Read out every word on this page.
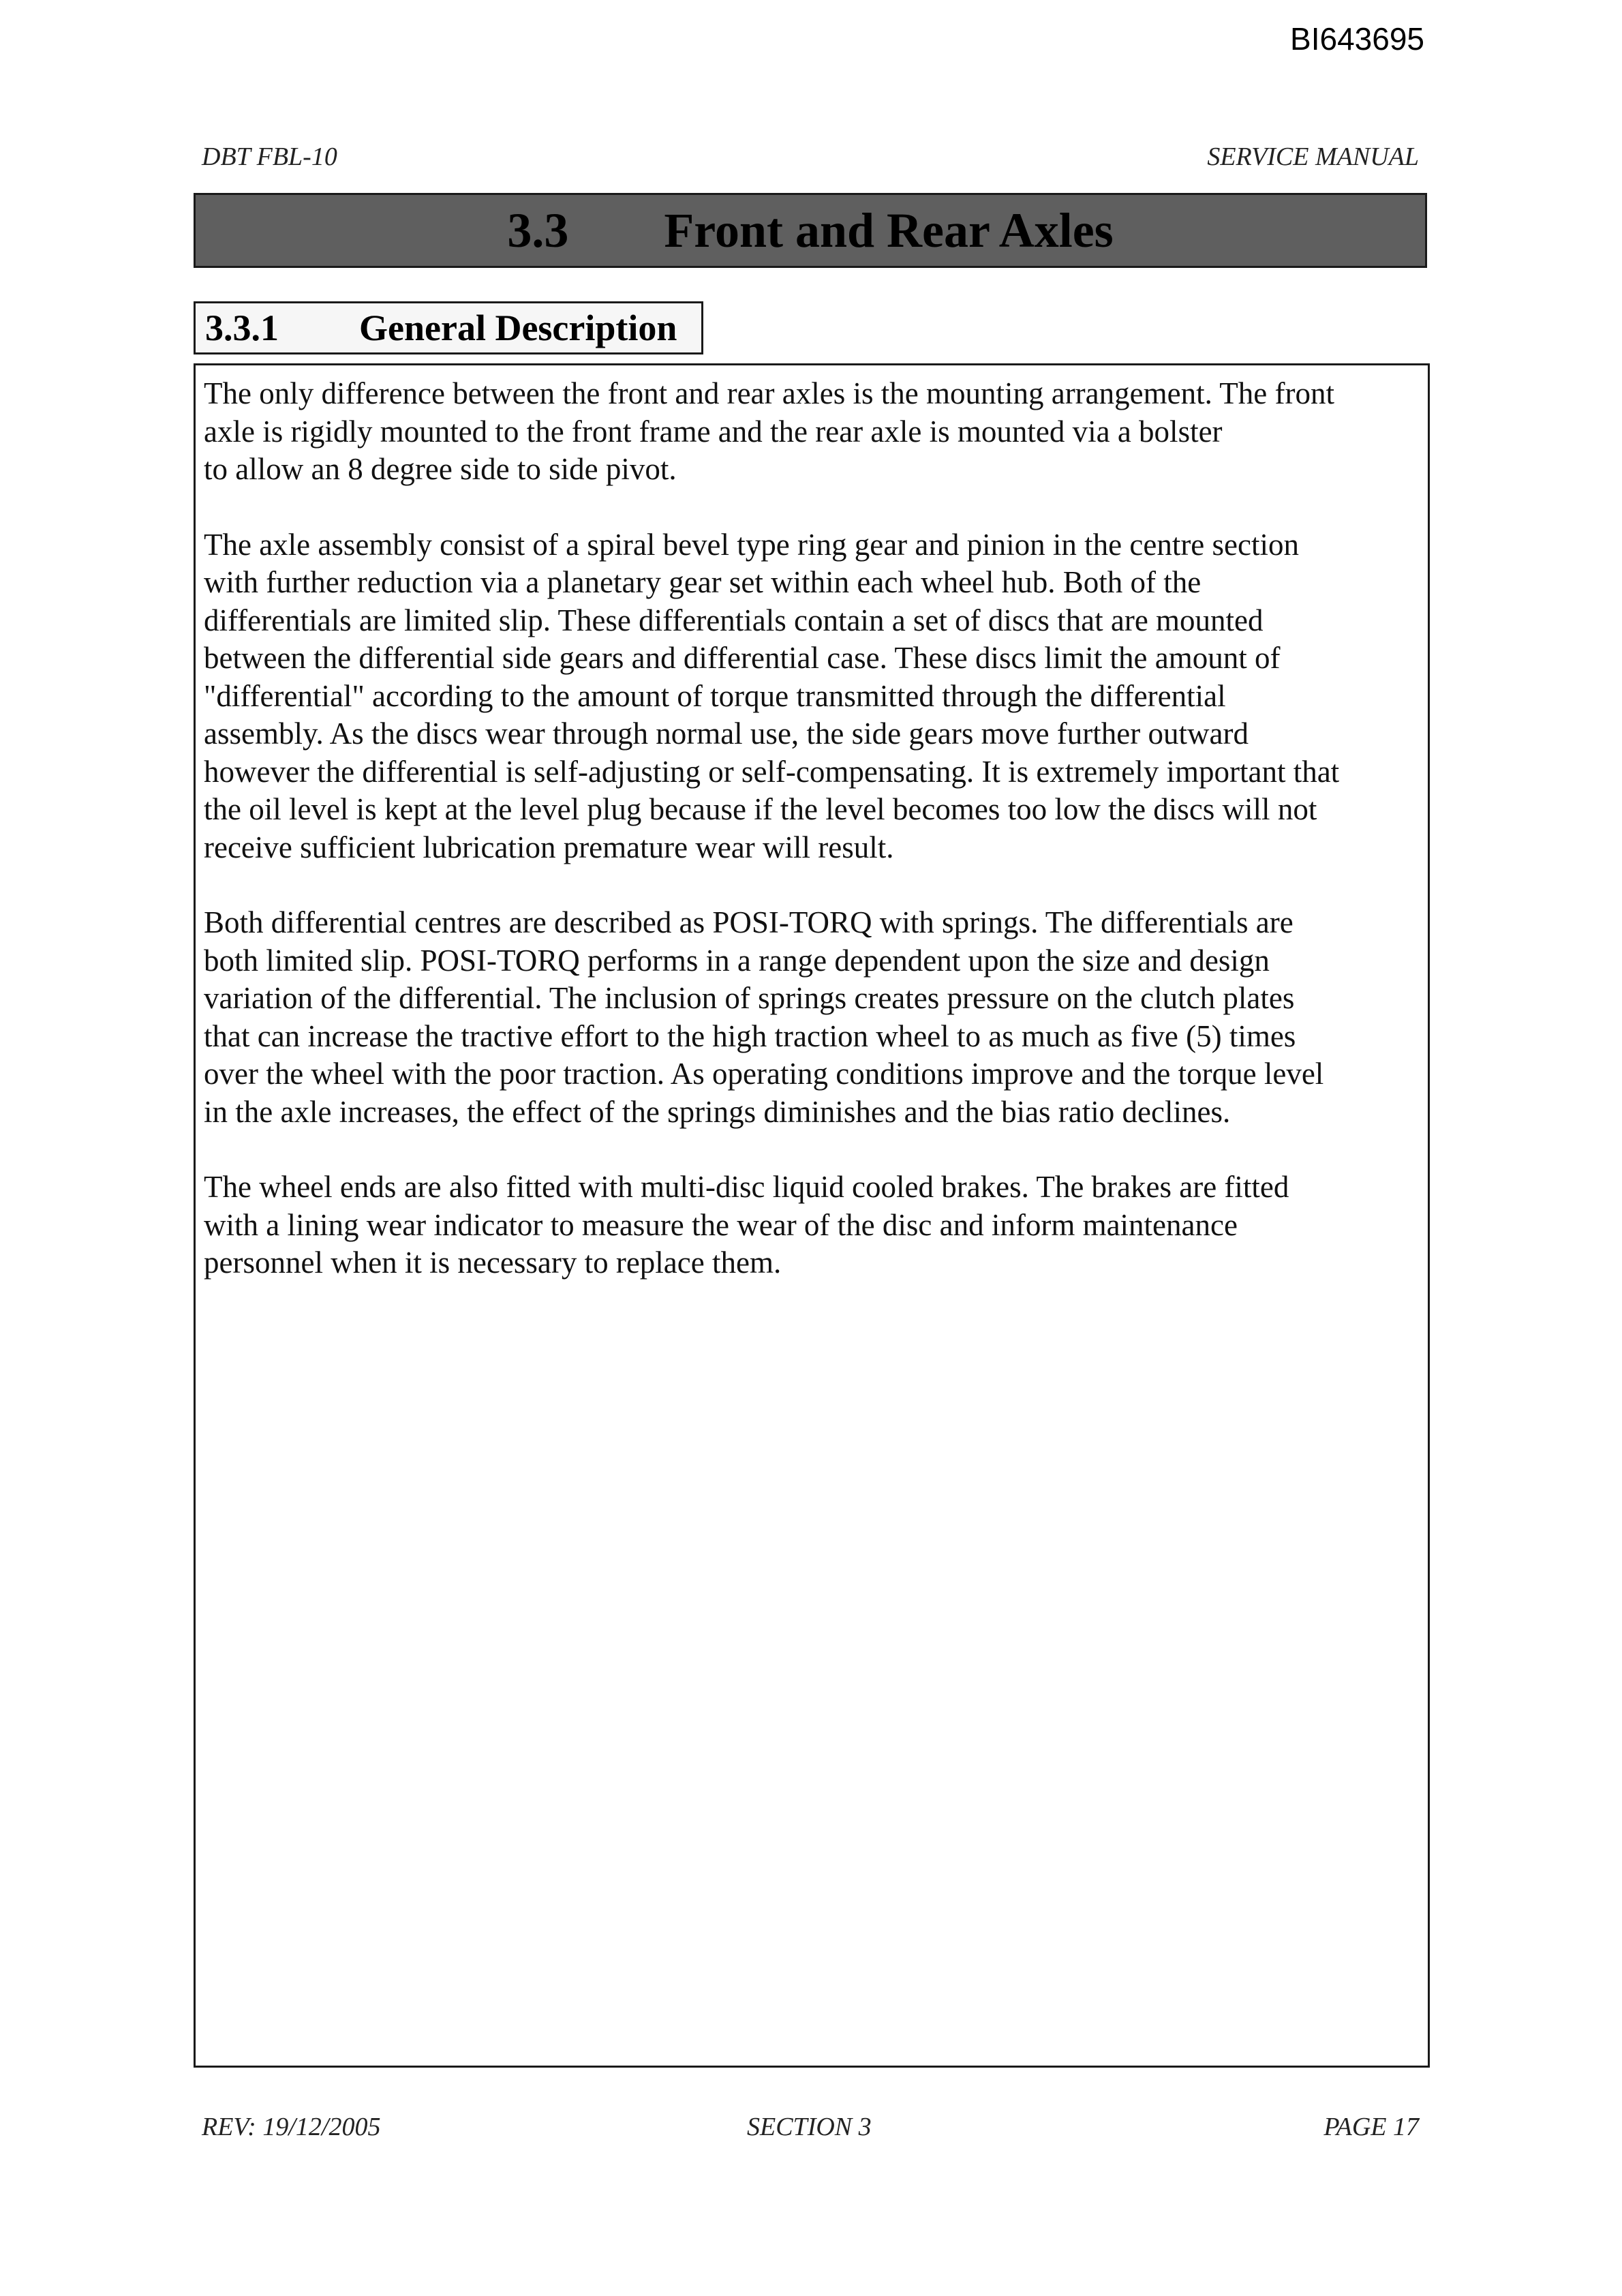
BI643695
DBT FBL-10	SERVICE MANUAL
3.3 Front and Rear Axles
3.3.1	General Description

The only difference between the front and rear axles is the mounting arrangement. The front
axle is rigidly mounted to the front frame and the rear axle is mounted via a bolster
to allow an 8 degree side to side pivot.

The axle assembly consist of a spiral bevel type ring gear and pinion in the centre section
with further reduction via a planetary gear set within each wheel hub. Both of the
differentials are limited slip. These differentials contain a set of discs that are mounted
between the differential side gears and differential case. These discs limit the amount of
"differential" according to the amount of torque transmitted through the differential
assembly. As the discs wear through normal use, the side gears move further outward
however the differential is self-adjusting or self-compensating. It is extremely important that
the oil level is kept at the level plug because if the level becomes too low the discs will not
receive sufficient lubrication premature wear will result.

Both differential centres are described as POSI-TORQ with springs. The differentials are
both limited slip. POSI-TORQ performs in a range dependent upon the size and design
variation of the differential. The inclusion of springs creates pressure on the clutch plates
that can increase the tractive effort to the high traction wheel to as much as five (5) times
over the wheel with the poor traction. As operating conditions improve and the torque level
in the axle increases, the effect of the springs diminishes and the bias ratio declines.

The wheel ends are also fitted with multi-disc liquid cooled brakes. The brakes are fitted
with a lining wear indicator to measure the wear of the disc and inform maintenance
personnel when it is necessary to replace them.

REV: 19/12/2005	SECTION 3	PAGE 17
